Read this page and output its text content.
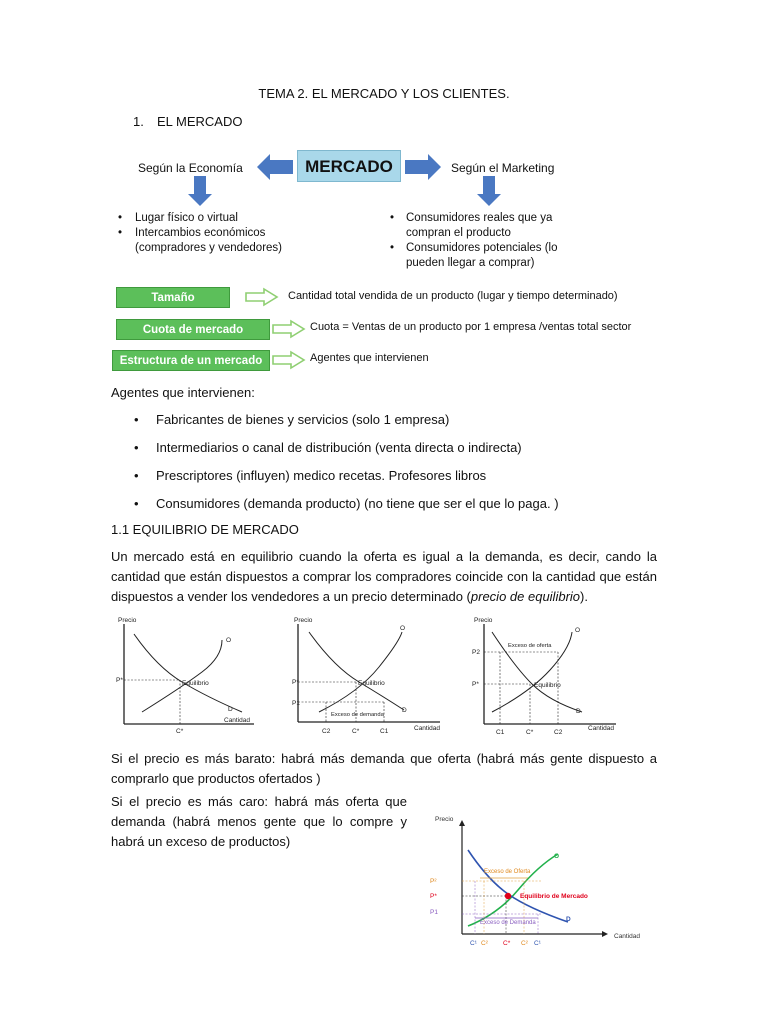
TEMA 2. EL MERCADO Y LOS CLIENTES.
1. EL MERCADO
MERCADO
Según la Economía	Según el Marketing
• Lugar físico o virtual
• Intercambios económicos
(compradores y vendedores)
• Consumidores reales que ya
compran el producto
• Consumidores potenciales (lo
pueden llegar a comprar)
Tamaño	Cantidad total vendida de un producto (lugar y tiempo determinado)
Cuota de mercado	Cuota = Ventas de un producto por 1 empresa /ventas total sector
Estructura de un mercado	Agentes que intervienen
Agentes que intervienen:
• Fabricantes de bienes y servicios (solo 1 empresa)
• Intermediarios o canal de distribución (venta directa o indirecta)
• Prescriptores (influyen) medico recetas. Profesores libros
• Consumidores (demanda producto) (no tiene que ser el que lo paga. )
1.1 EQUILIBRIO DE MERCADO
Un mercado está en equilibrio cuando la oferta es igual a la demanda, es decir, cando la cantidad que están dispuestos a comprar los compradores coincide con la cantidad que están dispuestos a vender los vendedores a un precio determinado (precio de equilibrio).
Precio
O
D
P*	Equilibrio
Cantidad
C*
Precio
O
D
P*
P1
Equilibrio
Exceso de demanda
Cantidad
C2	C*	C1
Precio
O
D
P2
P*
Exceso de oferta
Equilibrio
Cantidad
C1	C*	C2
Si el precio es más barato: habrá más demanda que oferta (habrá más gente dispuesto a comprarlo que productos ofertados )
Si el precio es más caro: habrá más oferta que demanda (habrá menos gente que lo compre y habrá un exceso de productos)
Precio
Cantidad
O
D
Exceso de Oferta
Exceso de Demanda
Equilibrio de Mercado
P²
P*
P1
C¹ C² C* C² C¹
